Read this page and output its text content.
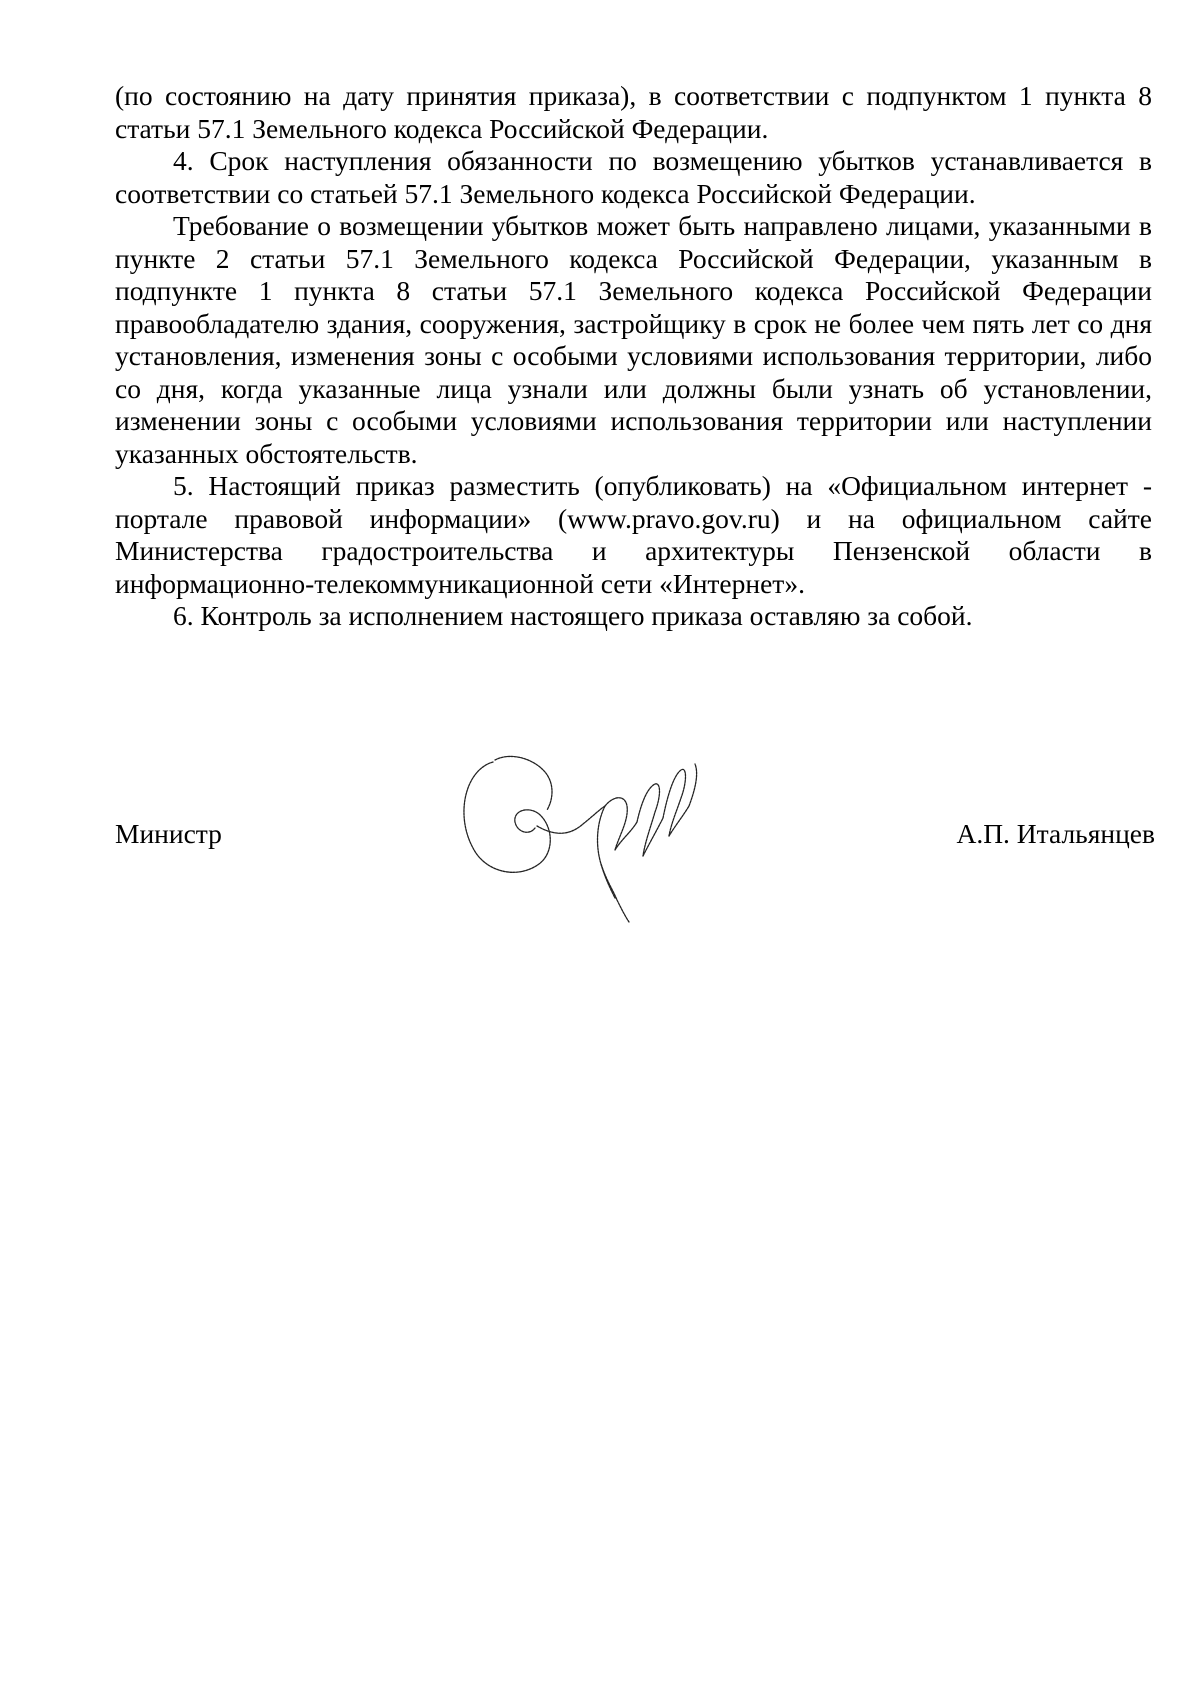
(по состоянию на дату принятия приказа), в соответствии с подпунктом 1 пункта 8 статьи 57.1 Земельного кодекса Российской Федерации.

4. Срок наступления обязанности по возмещению убытков устанавливается в соответствии со статьей 57.1 Земельного кодекса Российской Федерации.

Требование о возмещении убытков может быть направлено лицами, указанными в пункте 2 статьи 57.1 Земельного кодекса Российской Федерации, указанным в подпункте 1 пункта 8 статьи 57.1 Земельного кодекса Российской Федерации правообладателю здания, сооружения, застройщику в срок не более чем пять лет со дня установления, изменения зоны с особыми условиями использования территории, либо со дня, когда указанные лица узнали или должны были узнать об установлении, изменении зоны с особыми условиями использования территории или наступлении указанных обстоятельств.

5. Настоящий приказ разместить (опубликовать) на «Официальном интернет - портале правовой информации» (www.pravo.gov.ru) и на официальном сайте Министерства градостроительства и архитектуры Пензенской области в информационно-телекоммуникационной сети «Интернет».

6. Контроль за исполнением настоящего приказа оставляю за собой.

Министр	А.П. Итальянцев
